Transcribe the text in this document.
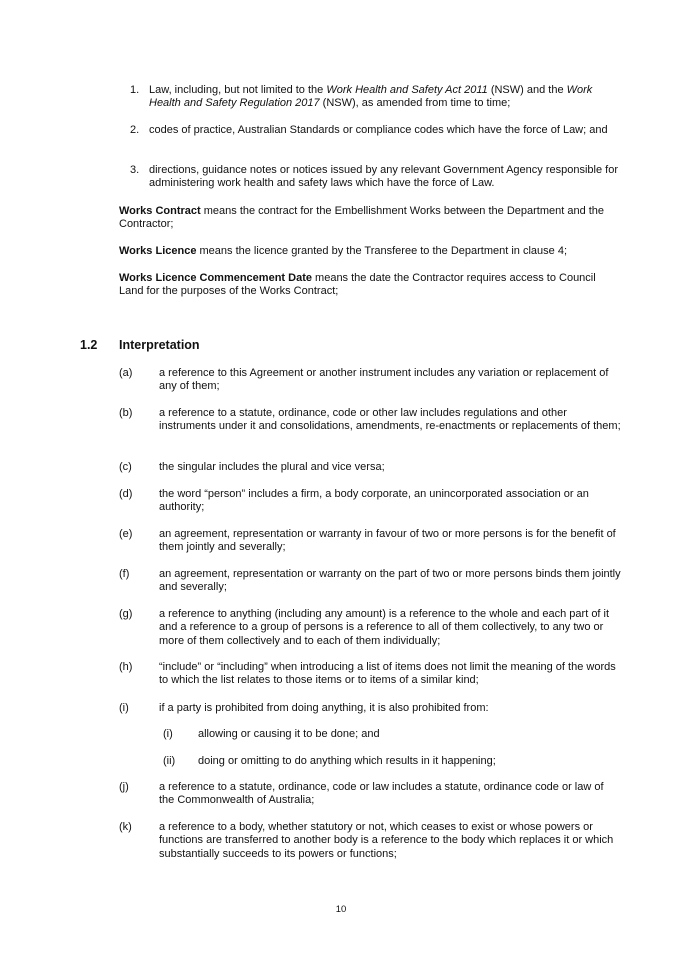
1. Law, including, but not limited to the Work Health and Safety Act 2011 (NSW) and the Work Health and Safety Regulation 2017 (NSW), as amended from time to time;
2. codes of practice, Australian Standards or compliance codes which have the force of Law; and
3. directions, guidance notes or notices issued by any relevant Government Agency responsible for administering work health and safety laws which have the force of Law.
Works Contract means the contract for the Embellishment Works between the Department and the Contractor;
Works Licence means the licence granted by the Transferee to the Department in clause 4;
Works Licence Commencement Date means the date the Contractor requires access to Council Land for the purposes of the Works Contract;
1.2 Interpretation
(a)	a reference to this Agreement or another instrument includes any variation or replacement of any of them;
(b)	a reference to a statute, ordinance, code or other law includes regulations and other instruments under it and consolidations, amendments, re-enactments or replacements of them;
(c)	the singular includes the plural and vice versa;
(d)	the word “person” includes a firm, a body corporate, an unincorporated association or an authority;
(e)	an agreement, representation or warranty in favour of two or more persons is for the benefit of them jointly and severally;
(f)	an agreement, representation or warranty on the part of two or more persons binds them jointly and severally;
(g)	a reference to anything (including any amount) is a reference to the whole and each part of it and a reference to a group of persons is a reference to all of them collectively, to any two or more of them collectively and to each of them individually;
(h)	“include” or “including” when introducing a list of items does not limit the meaning of the words to which the list relates to those items or to items of a similar kind;
(i)	if a party is prohibited from doing anything, it is also prohibited from:
(i)	allowing or causing it to be done; and
(ii)	doing or omitting to do anything which results in it happening;
(j)	a reference to a statute, ordinance, code or law includes a statute, ordinance code or law of the Commonwealth of Australia;
(k)	a reference to a body, whether statutory or not, which ceases to exist or whose powers or functions are transferred to another body is a reference to the body which replaces it or which substantially succeeds to its powers or functions;
10
